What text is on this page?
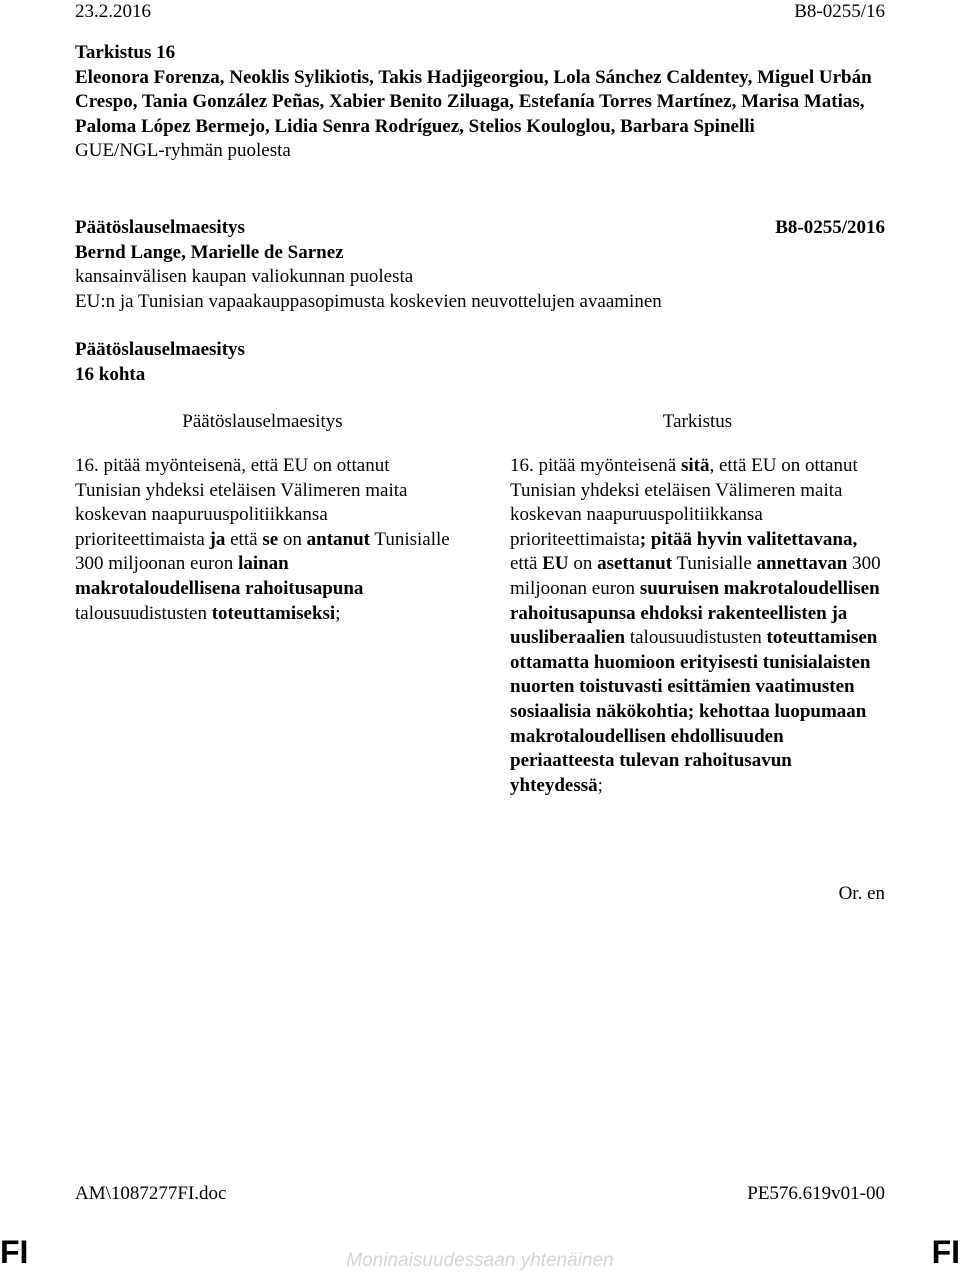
23.2.2016	B8-0255/16
Tarkistus 16
Eleonora Forenza, Neoklis Sylikiotis, Takis Hadjigeorgiou, Lola Sánchez Caldentey, Miguel Urbán Crespo, Tania González Peñas, Xabier Benito Ziluaga, Estefanía Torres Martínez, Marisa Matias, Paloma López Bermejo, Lidia Senra Rodríguez, Stelios Kouloglou, Barbara Spinelli
GUE/NGL-ryhmän puolesta
Päätöslauselmaesitys	B8-0255/2016
Bernd Lange, Marielle de Sarnez
kansainvälisen kaupan valiokunnan puolesta
EU:n ja Tunisian vapaakauppasopimusta koskevien neuvottelujen avaaminen
Päätöslauselmaesitys
16 kohta
Päätöslauselmaesitys	Tarkistus
16. pitää myönteisenä, että EU on ottanut Tunisian yhdeksi eteläisen Välimeren maita koskevan naapuruuspolitiikkansa prioriteettimaista ja että se on antanut Tunisialle 300 miljoonan euron lainan makrotaloudellisena rahoitusapuna talousuudistusten toteuttamiseksi;
16. pitää myönteisenä sitä, että EU on ottanut Tunisian yhdeksi eteläisen Välimeren maita koskevan naapuruuspolitiikkansa prioriteettimaista; pitää hyvin valitettavana, että EU on asettanut Tunisialle annettavan 300 miljoonan euron suuruisen makrotaloudellisen rahoitusapunsa ehdoksi rakenteellisten ja uusliberaalien talousuudistusten toteuttamisen ottamatta huomioon erityisesti tunisialaisten nuorten toistuvasti esittämien vaatimusten sosiaalisia näkökohtia; kehottaa luopumaan makrotaloudellisen ehdollisuuden periaatteesta tulevan rahoitusavun yhteydessä;
Or. en
AM\1087277FI.doc	PE576.619v01-00
FI	FI
Moninaisuudessaan yhtenäinen
